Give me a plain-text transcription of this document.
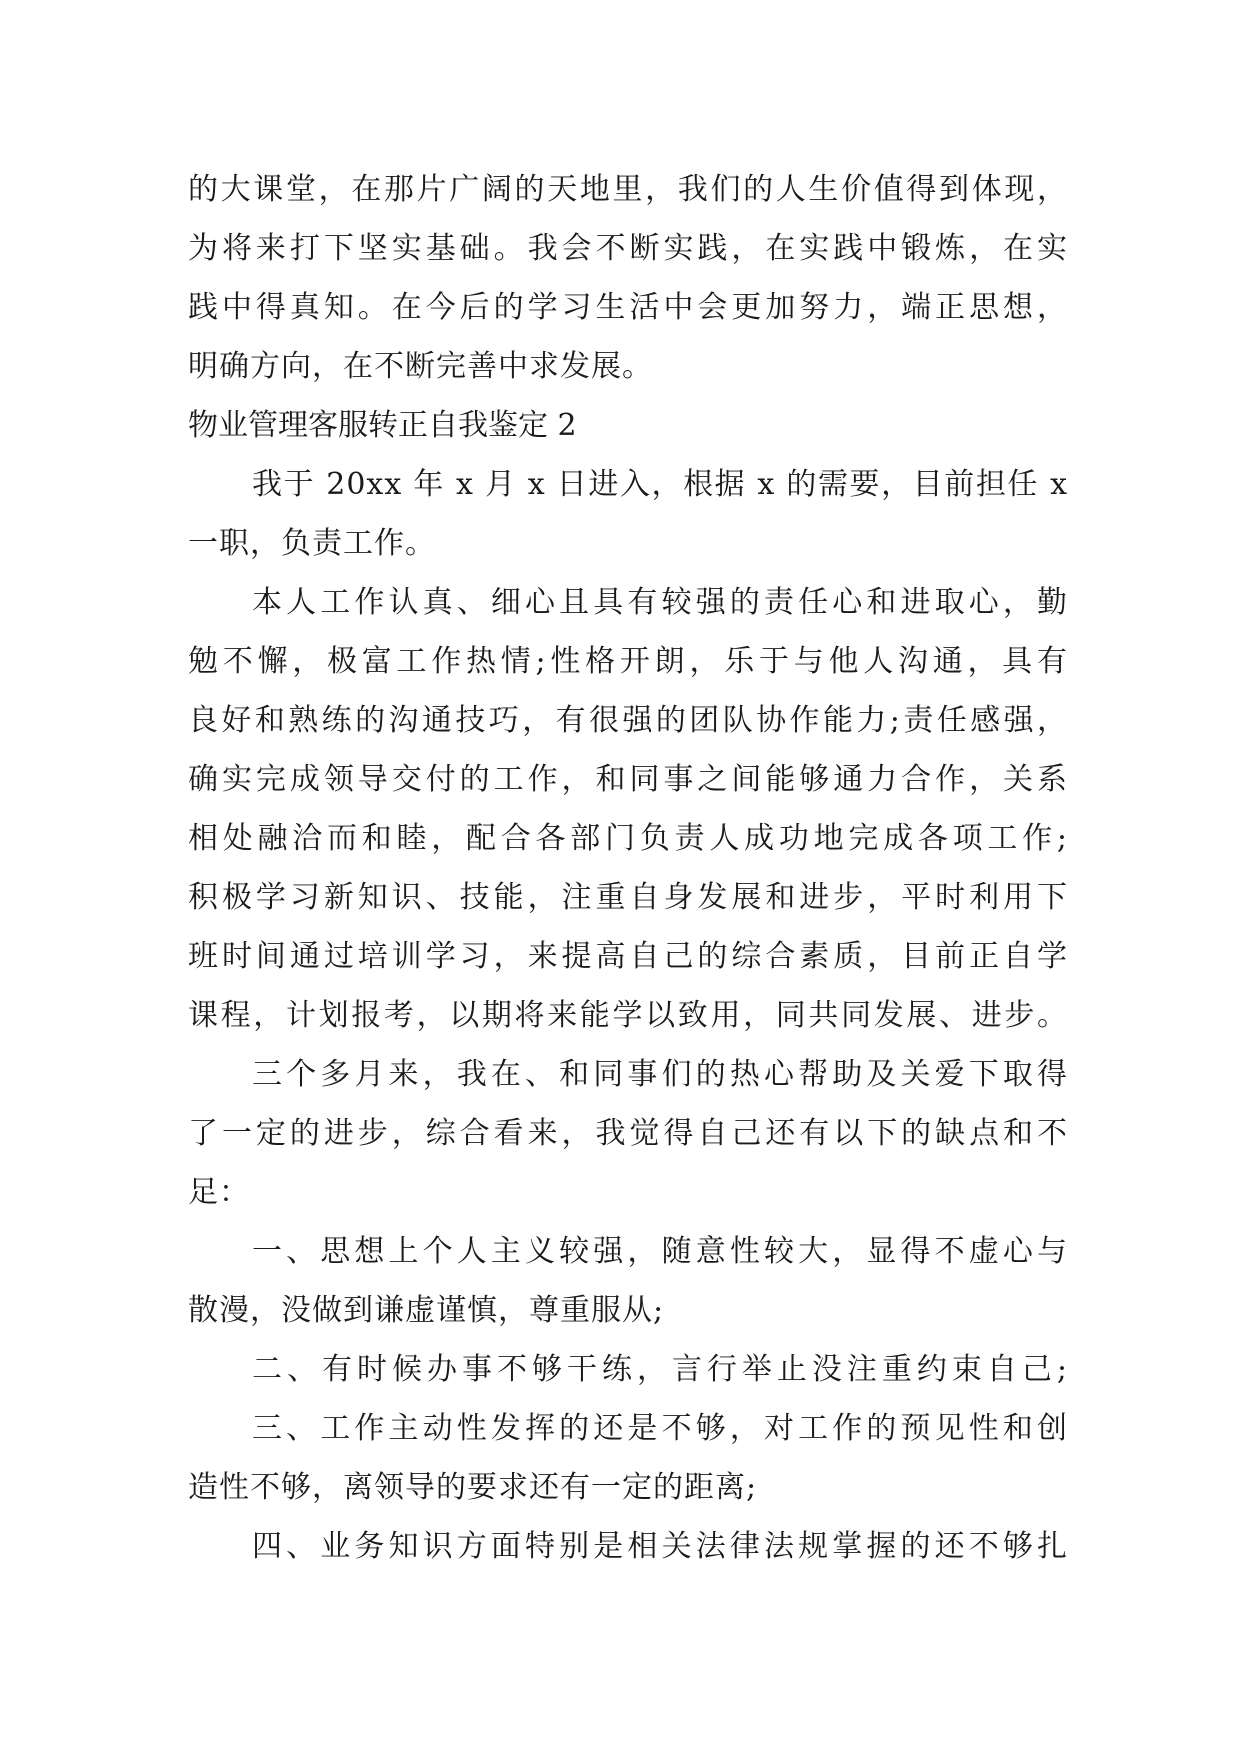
的大课堂，在那片广阔的天地里，我们的人生价值得到体现，
为将来打下坚实基础。我会不断实践，在实践中锻炼，在实
践中得真知。在今后的学习生活中会更加努力，端正思想，
明确方向，在不断完善中求发展。
物业管理客服转正自我鉴定 2
我于 20xx 年 x 月 x 日进入，根据 x 的需要，目前担任 x
一职，负责工作。
本人工作认真、细心且具有较强的责任心和进取心，勤
勉不懈，极富工作热情;性格开朗，乐于与他人沟通，具有
良好和熟练的沟通技巧，有很强的团队协作能力;责任感强，
确实完成领导交付的工作，和同事之间能够通力合作，关系
相处融洽而和睦，配合各部门负责人成功地完成各项工作;
积极学习新知识、技能，注重自身发展和进步，平时利用下
班时间通过培训学习，来提高自己的综合素质，目前正自学
课程，计划报考，以期将来能学以致用，同共同发展、进步。
三个多月来，我在、和同事们的热心帮助及关爱下取得
了一定的进步，综合看来，我觉得自己还有以下的缺点和不
足：
一、思想上个人主义较强，随意性较大，显得不虚心与
散漫，没做到谦虚谨慎，尊重服从;
二、有时候办事不够干练，言行举止没注重约束自己;
三、工作主动性发挥的还是不够，对工作的预见性和创
造性不够，离领导的要求还有一定的距离;
四、业务知识方面特别是相关法律法规掌握的还不够扎
